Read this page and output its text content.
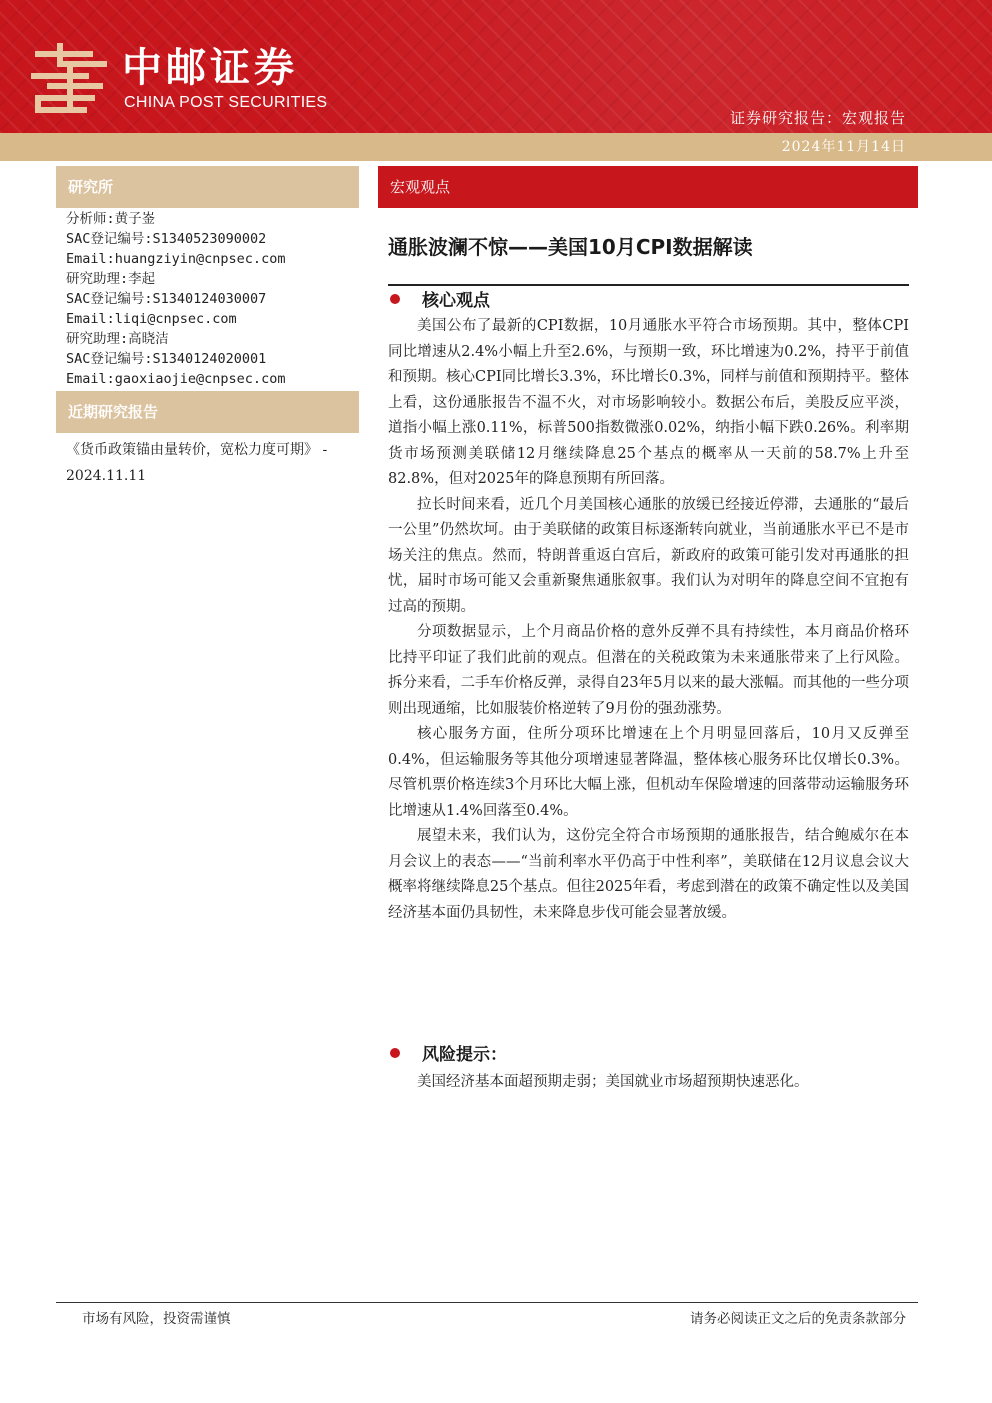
中邮证券
CHINA POST SECURITIES
证券研究报告：宏观报告
2024年11月14日
研究所
分析师:黄子崟
SAC登记编号:S1340523090002
Email:huangziyin@cnpsec.com
研究助理:李起
SAC登记编号:S1340124030007
Email:liqi@cnpsec.com
研究助理:高晓洁
SAC登记编号:S1340124020001
Email:gaoxiaojie@cnpsec.com
近期研究报告
《货币政策锚由量转价，宽松力度可期》 - 2024.11.11
宏观观点
通胀波澜不惊——美国10月CPI数据解读
核心观点

美国公布了最新的CPI数据，10月通胀水平符合市场预期。其中，整体CPI同比增速从2.4%小幅上升至2.6%，与预期一致，环比增速为0.2%，持平于前值和预期。核心CPI同比增长3.3%，环比增长0.3%，同样与前值和预期持平。整体上看，这份通胀报告不温不火，对市场影响较小。数据公布后，美股反应平淡，道指小幅上涨0.11%，标普500指数微涨0.02%，纳指小幅下跌0.26%。利率期货市场预测美联储12月继续降息25个基点的概率从一天前的58.7%上升至82.8%，但对2025年的降息预期有所回落。

拉长时间来看，近几个月美国核心通胀的放缓已经接近停滞，去通胀的“最后一公里”仍然坎坷。由于美联储的政策目标逐渐转向就业，当前通胀水平已不是市场关注的焦点。然而，特朗普重返白宫后，新政府的政策可能引发对再通胀的担忧，届时市场可能又会重新聚焦通胀叙事。我们认为对明年的降息空间不宜抱有过高的预期。

分项数据显示，上个月商品价格的意外反弹不具有持续性，本月商品价格环比持平印证了我们此前的观点。但潜在的关税政策为未来通胀带来了上行风险。拆分来看，二手车价格反弹，录得自23年5月以来的最大涨幅。而其他的一些分项则出现通缩，比如服装价格逆转了9月份的强劲涨势。

核心服务方面，住所分项环比增速在上个月明显回落后，10月又反弹至0.4%，但运输服务等其他分项增速显著降温，整体核心服务环比仅增长0.3%。尽管机票价格连续3个月环比大幅上涨，但机动车保险增速的回落带动运输服务环比增速从1.4%回落至0.4%。

展望未来，我们认为，这份完全符合市场预期的通胀报告，结合鲍威尔在本月会议上的表态——“当前利率水平仍高于中性利率”，美联储在12月议息会议大概率将继续降息25个基点。但往2025年看，考虑到潜在的政策不确定性以及美国经济基本面仍具韧性，未来降息步伐可能会显著放缓。

风险提示：
美国经济基本面超预期走弱；美国就业市场超预期快速恶化。
市场有风险，投资需谨慎	请务必阅读正文之后的免责条款部分
